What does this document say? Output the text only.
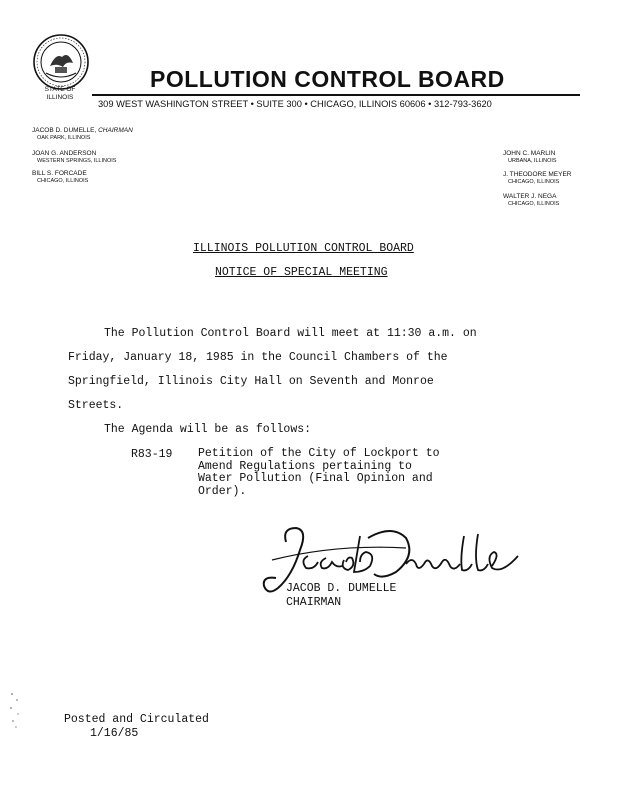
STATE OF ILLINOIS
POLLUTION CONTROL BOARD
309 WEST WASHINGTON STREET • SUITE 300 • CHICAGO, ILLINOIS 60606 • 312-793-3620
JACOB D. DUMELLE, CHAIRMAN
OAK PARK, ILLINOIS
JOAN G. ANDERSON
WESTERN SPRINGS, ILLINOIS
BILL S. FORCADE
CHICAGO, ILLINOIS
JOHN C. MARLIN
URBANA, ILLINOIS
J. THEODORE MEYER
CHICAGO, ILLINOIS
WALTER J. NEGA
CHICAGO, ILLINOIS
ILLINOIS POLLUTION CONTROL BOARD
NOTICE OF SPECIAL MEETING
The Pollution Control Board will meet at 11:30 a.m. on
Friday, January 18, 1985 in the Council Chambers of the
Springfield, Illinois City Hall on Seventh and Monroe
Streets.
The Agenda will be as follows:
R83-19 Petition of the City of Lockport to
Amend Regulations pertaining to
Water Pollution (Final Opinion and
Order).
JACOB D. DUMELLE
CHAIRMAN
Posted and Circulated
1/16/85
